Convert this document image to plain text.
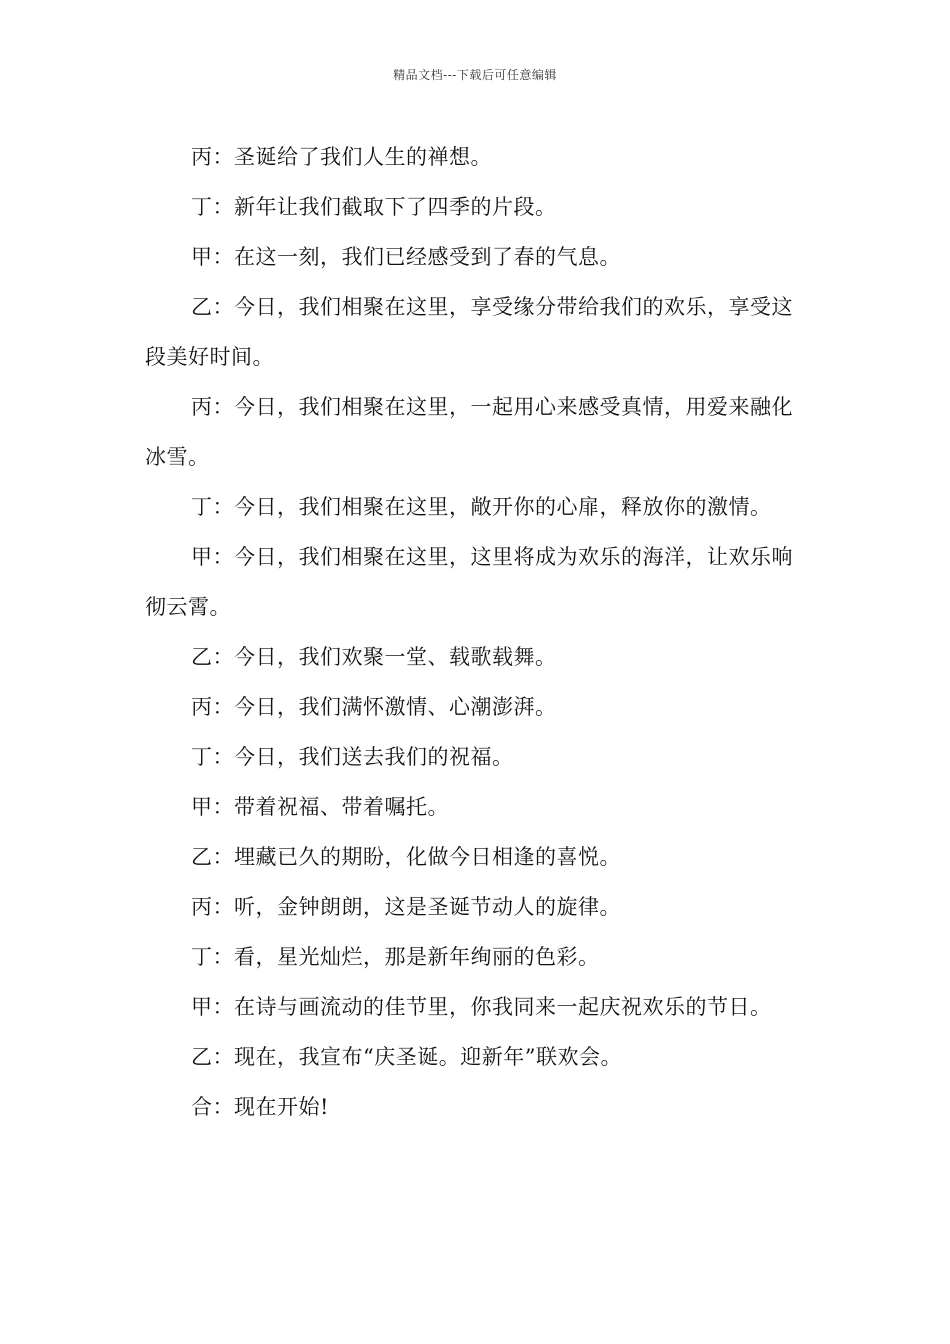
精品文档---下载后可任意编辑

丙：圣诞给了我们人生的禅想。

丁：新年让我们截取下了四季的片段。

甲：在这一刻，我们已经感受到了春的气息。

乙：今日，我们相聚在这里，享受缘分带给我们的欢乐，享受这段美好时间。

丙：今日，我们相聚在这里，一起用心来感受真情，用爱来融化冰雪。

丁：今日，我们相聚在这里，敞开你的心扉，释放你的激情。

甲：今日，我们相聚在这里，这里将成为欢乐的海洋，让欢乐响彻云霄。

乙：今日，我们欢聚一堂、载歌载舞。

丙：今日，我们满怀激情、心潮澎湃。

丁：今日，我们送去我们的祝福。

甲：带着祝福、带着嘱托。

乙：埋藏已久的期盼，化做今日相逢的喜悦。

丙：听，金钟朗朗，这是圣诞节动人的旋律。

丁：看，星光灿烂，那是新年绚丽的色彩。

甲：在诗与画流动的佳节里，你我同来一起庆祝欢乐的节日。

乙：现在，我宣布“庆圣诞。迎新年”联欢会。

合：现在开始!
